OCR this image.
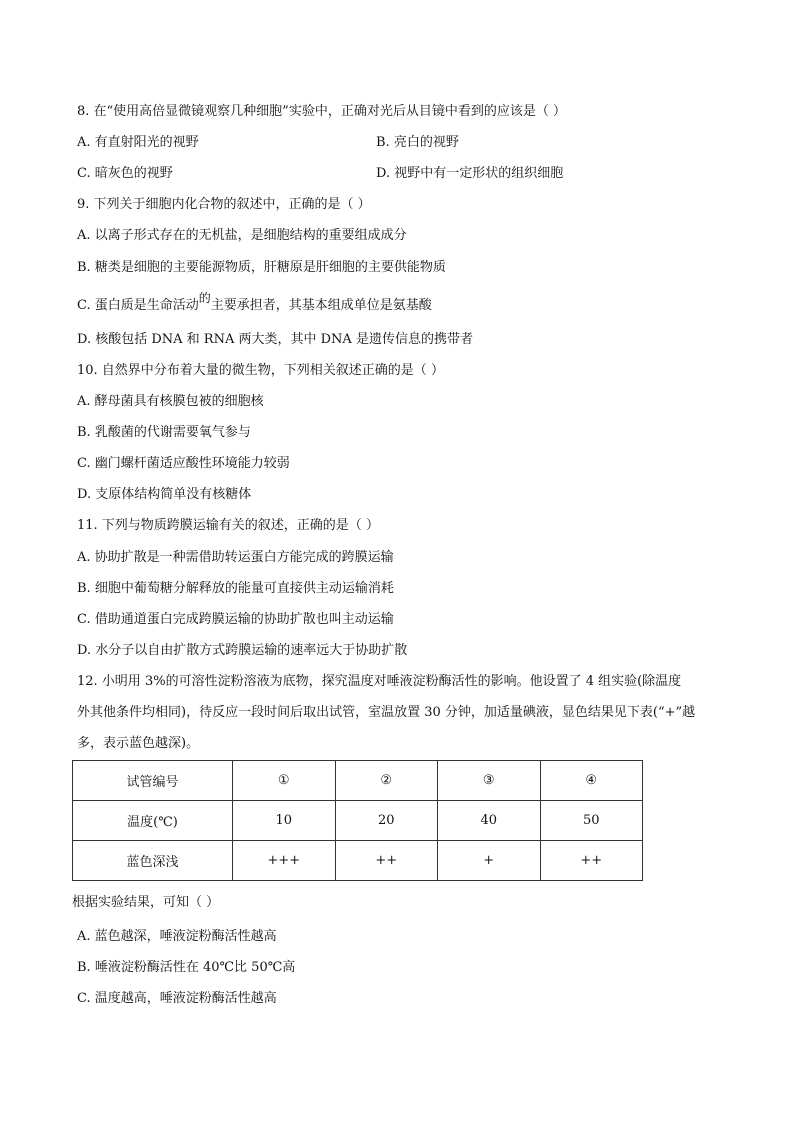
8. 在“使用高倍显微镜观察几种细胞”实验中，正确对光后从目镜中看到的应该是（ ）
A. 有直射阳光的视野	B. 亮白的视野
C. 暗灰色的视野	D. 视野中有一定形状的组织细胞
9. 下列关于细胞内化合物的叙述中，正确的是（ ）
A. 以离子形式存在的无机盐，是细胞结构的重要组成成分
B. 糖类是细胞的主要能源物质，肝糖原是肝细胞的主要供能物质
C. 蛋白质是生命活动的主要承担者，其基本组成单位是氨基酸
D. 核酸包括 DNA 和 RNA 两大类，其中 DNA 是遗传信息的携带者
10. 自然界中分布着大量的微生物，下列相关叙述正确的是（ ）
A. 酵母菌具有核膜包被的细胞核
B. 乳酸菌的代谢需要氧气参与
C. 幽门螺杆菌适应酸性环境能力较弱
D. 支原体结构简单没有核糖体
11. 下列与物质跨膜运输有关的叙述，正确的是（ ）
A. 协助扩散是一种需借助转运蛋白方能完成的跨膜运输
B. 细胞中葡萄糖分解释放的能量可直接供主动运输消耗
C. 借助通道蛋白完成跨膜运输的协助扩散也叫主动运输
D. 水分子以自由扩散方式跨膜运输的速率远大于协助扩散
12. 小明用 3%的可溶性淀粉溶液为底物，探究温度对唾液淀粉酶活性的影响。他设置了 4 组实验(除温度
外其他条件均相同)，待反应一段时间后取出试管，室温放置 30 分钟，加适量碘液，显色结果见下表(“+”越
多，表示蓝色越深)。
试管编号	①	②	③	④
温度(℃)	10	20	40	50
蓝色深浅	+++	++	+	++
根据实验结果，可知（ ）
A. 蓝色越深，唾液淀粉酶活性越高
B. 唾液淀粉酶活性在 40℃比 50℃高
C. 温度越高，唾液淀粉酶活性越高
